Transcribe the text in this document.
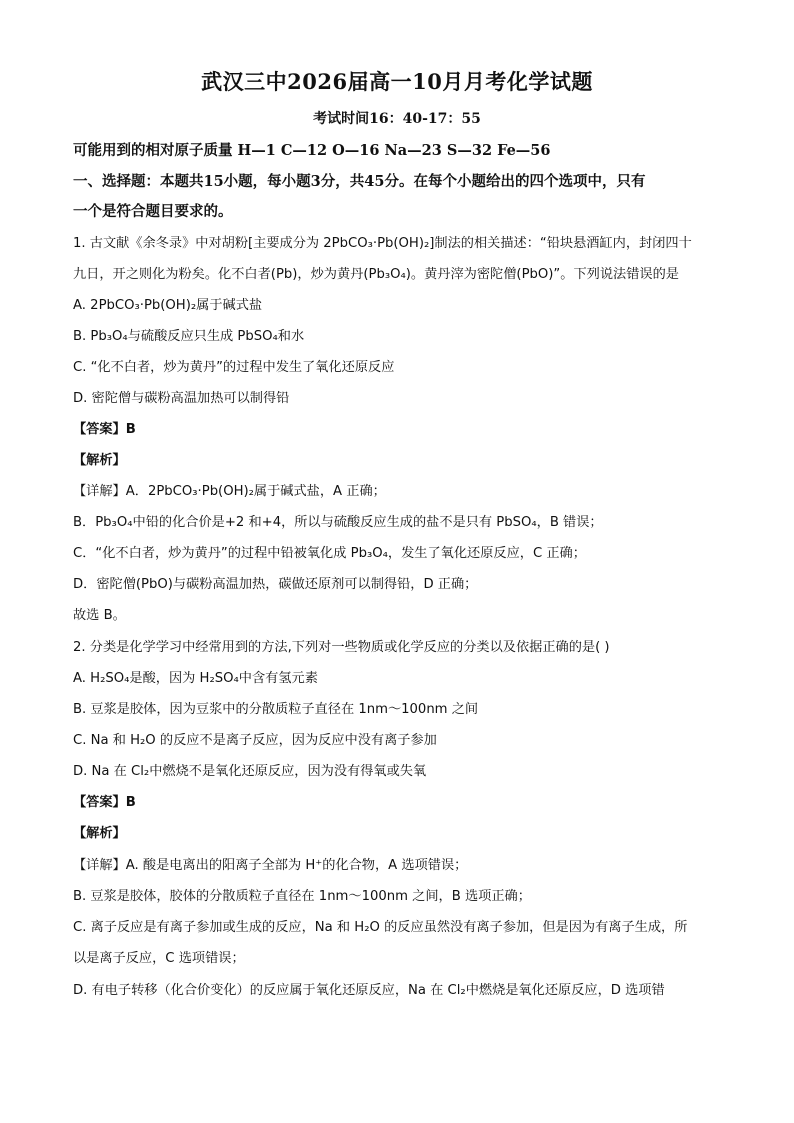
武汉三中2026届高一10月月考化学试题
考试时间16：40-17：55
可能用到的相对原子质量 H—1 C—12 O—16 Na—23 S—32 Fe—56
一、选择题：本题共15小题，每小题3分，共45分。在每个小题给出的四个选项中，只有
一个是符合题目要求的。
1. 古文献《余冬录》中对胡粉[主要成分为 2PbCO₃·Pb(OH)₂]制法的相关描述：“铅块悬酒缸内，封闭四十
九日，开之则化为粉矣。化不白者(Pb)，炒为黄丹(Pb₃O₄)。黄丹滓为密陀僧(PbO)”。下列说法错误的是
A. 2PbCO₃·Pb(OH)₂属于碱式盐
B. Pb₃O₄与硫酸反应只生成 PbSO₄和水
C. “化不白者，炒为黄丹”的过程中发生了氧化还原反应
D. 密陀僧与碳粉高温加热可以制得铅
【答案】B
【解析】
【详解】A．2PbCO₃·Pb(OH)₂属于碱式盐，A 正确；
B．Pb₃O₄中铅的化合价是+2 和+4，所以与硫酸反应生成的盐不是只有 PbSO₄，B 错误；
C．“化不白者，炒为黄丹”的过程中铅被氧化成 Pb₃O₄，发生了氧化还原反应，C 正确；
D．密陀僧(PbO)与碳粉高温加热，碳做还原剂可以制得铅，D 正确；
故选 B。
2. 分类是化学学习中经常用到的方法,下列对一些物质或化学反应的分类以及依据正确的是( )
A. H₂SO₄是酸，因为 H₂SO₄中含有氢元素
B. 豆浆是胶体，因为豆浆中的分散质粒子直径在 1nm～100nm 之间
C. Na 和 H₂O 的反应不是离子反应，因为反应中没有离子参加
D. Na 在 Cl₂中燃烧不是氧化还原反应，因为没有得氧或失氧
【答案】B
【解析】
【详解】A. 酸是电离出的阳离子全部为 H⁺的化合物，A 选项错误；
B. 豆浆是胶体，胶体的分散质粒子直径在 1nm～100nm 之间，B 选项正确；
C. 离子反应是有离子参加或生成的反应，Na 和 H₂O 的反应虽然没有离子参加，但是因为有离子生成，所
以是离子反应，C 选项错误；
D. 有电子转移（化合价变化）的反应属于氧化还原反应，Na 在 Cl₂中燃烧是氧化还原反应，D 选项错
